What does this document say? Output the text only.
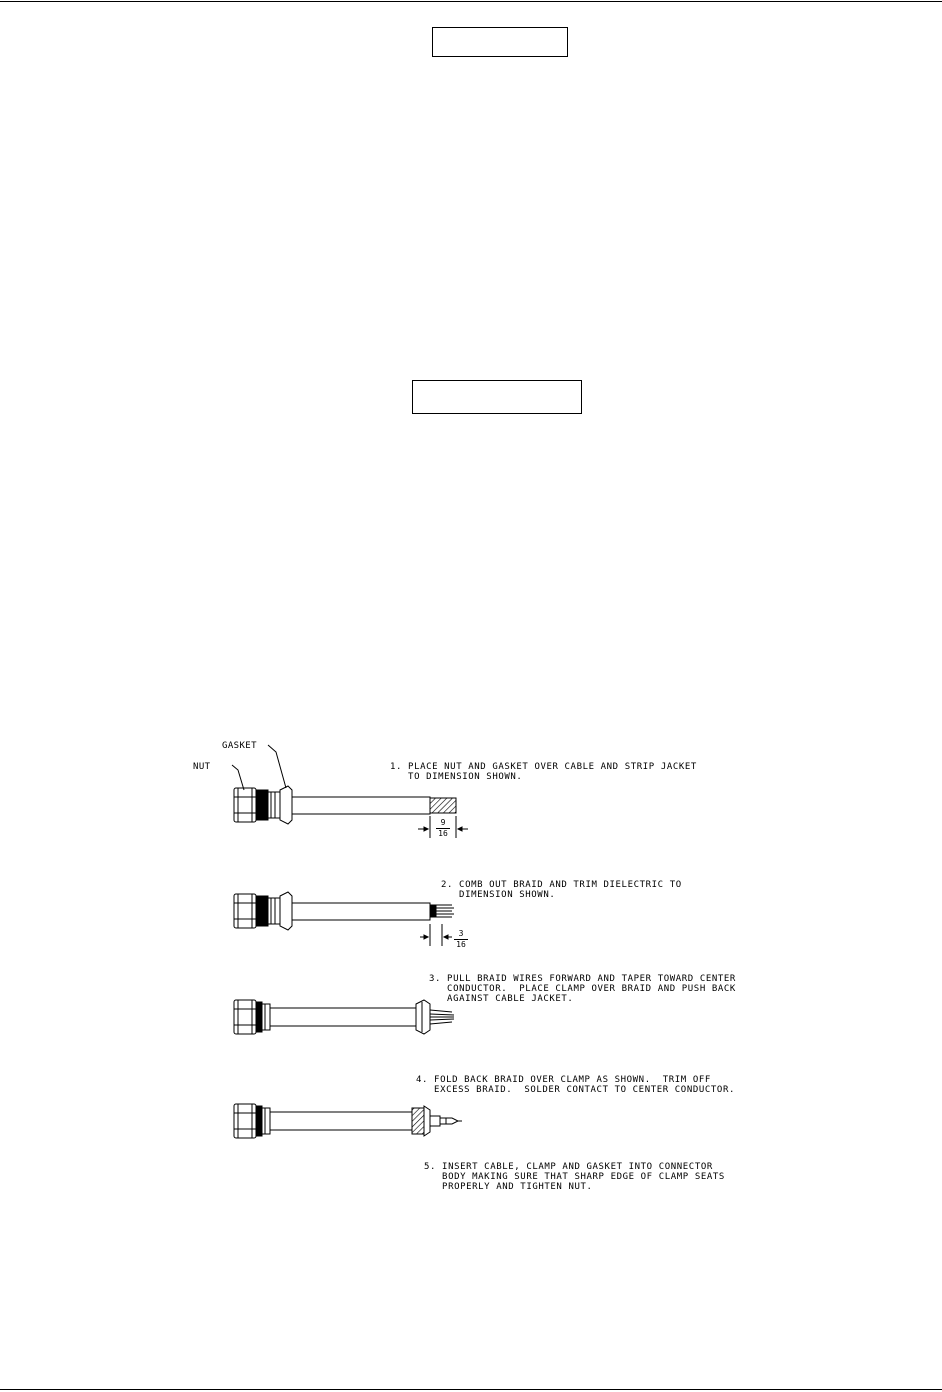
GASKET
NUT
9
16
3
16
1. PLACE NUT AND GASKET OVER CABLE AND STRIP JACKET
TO DIMENSION SHOWN.
2. COMB OUT BRAID AND TRIM DIELECTRIC TO
DIMENSION SHOWN.
3. PULL BRAID WIRES FORWARD AND TAPER TOWARD CENTER
CONDUCTOR.  PLACE CLAMP OVER BRAID AND PUSH BACK
AGAINST CABLE JACKET.
4. FOLD BACK BRAID OVER CLAMP AS SHOWN.  TRIM OFF
EXCESS BRAID.  SOLDER CONTACT TO CENTER CONDUCTOR.
5. INSERT CABLE, CLAMP AND GASKET INTO CONNECTOR
BODY MAKING SURE THAT SHARP EDGE OF CLAMP SEATS
PROPERLY AND TIGHTEN NUT.
